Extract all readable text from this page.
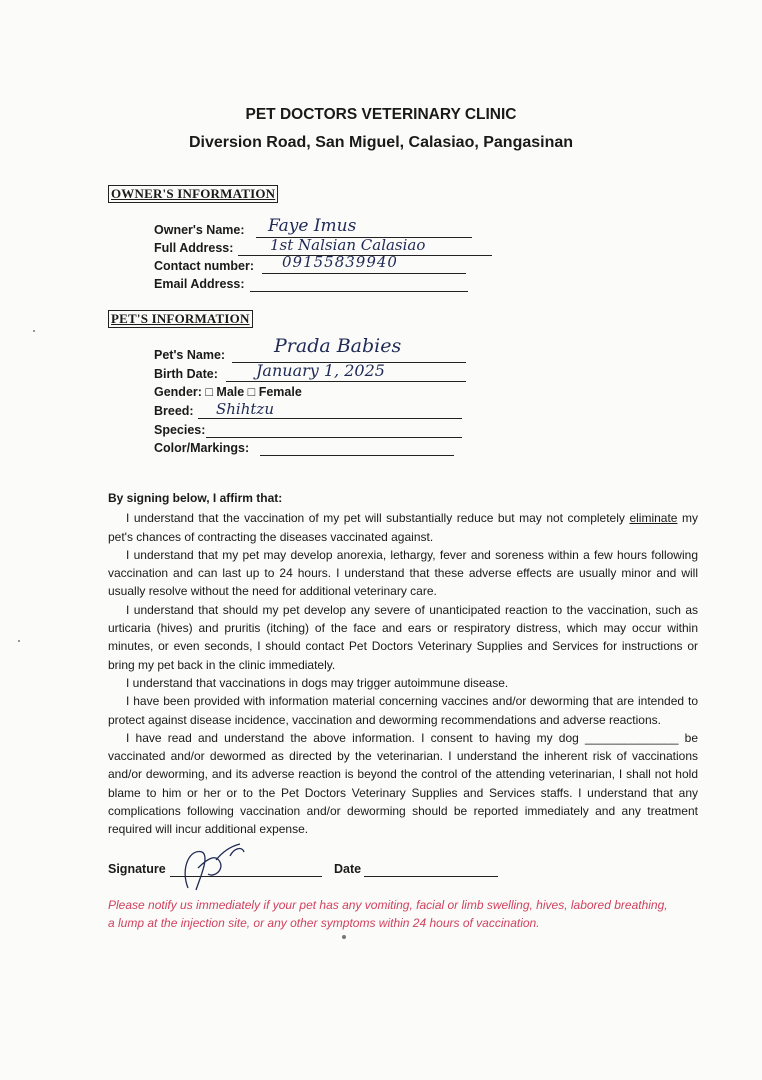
PET DOCTORS VETERINARY CLINIC
Diversion Road, San Miguel, Calasiao, Pangasinan
OWNER'S INFORMATION
Owner's Name: Faye Imus
Full Address: 1st Nalsian Calasiao
Contact number: 09155839940
Email Address:
PET'S INFORMATION
Pet's Name:	Prada Babies
Birth Date: January 1, 2025
Gender: □ Male □ Female
Breed: Shihtzu
Species:
Color/Markings:

By signing below, I affirm that:

I understand that the vaccination of my pet will substantially reduce but may not completely eliminate my pet's chances of contracting the diseases vaccinated against.

I understand that my pet may develop anorexia, lethargy, fever and soreness within a few hours following vaccination and can last up to 24 hours. I understand that these adverse effects are usually minor and will usually resolve without the need for additional veterinary care.

I understand that should my pet develop any severe of unanticipated reaction to the vaccination, such as urticaria (hives) and pruritis (itching) of the face and ears or respiratory distress, which may occur within minutes, or even seconds, I should contact Pet Doctors Veterinary Supplies and Services for instructions or bring my pet back in the clinic immediately.

I understand that vaccinations in dogs may trigger autoimmune disease.

I have been provided with information material concerning vaccines and/or deworming that are intended to protect against disease incidence, vaccination and deworming recommendations and adverse reactions.

I have read and understand the above information. I consent to having my dog ______________ be vaccinated and/or dewormed as directed by the veterinarian. I understand the inherent risk of vaccinations and/or deworming, and its adverse reaction is beyond the control of the attending veterinarian, I shall not hold blame to him or her or to the Pet Doctors Veterinary Supplies and Services staffs. I understand that any complications following vaccination and/or deworming should be reported immediately and any treatment required will incur additional expense.

Signature	Date
Please notify us immediately if your pet has any vomiting, facial or limb swelling, hives, labored breathing, a lump at the injection site, or any other symptoms within 24 hours of vaccination.
